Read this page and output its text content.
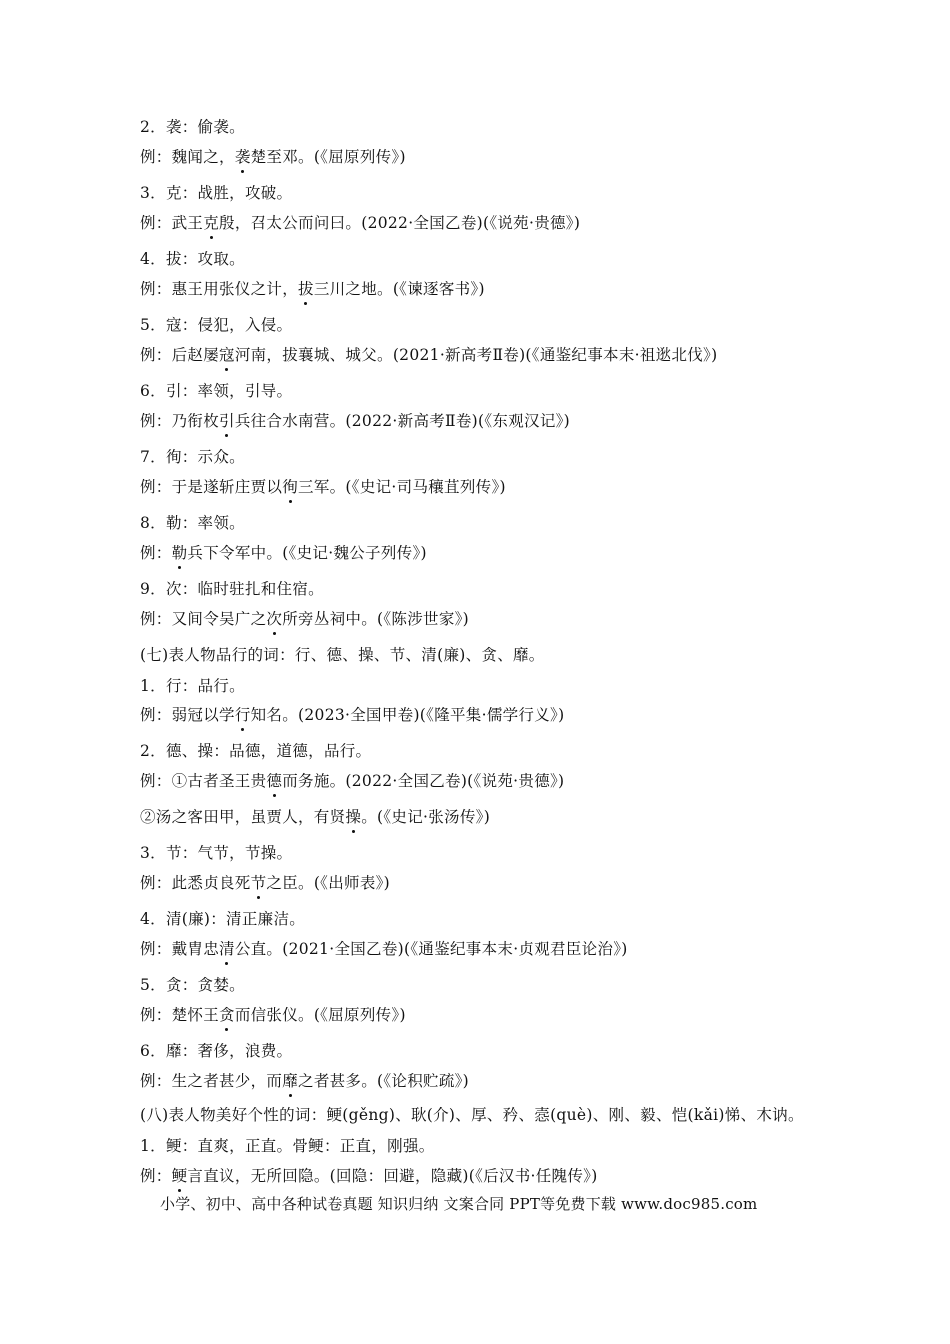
2．袭：偷袭。
例：魏闻之，袭楚至邓。(《屈原列传》)
3．克：战胜，攻破。
例：武王克殷，召太公而问曰。(2022·全国乙卷)(《说苑·贵德》)
4．拔：攻取。
例：惠王用张仪之计，拔三川之地。(《谏逐客书》)
5．寇：侵犯，入侵。
例：后赵屡寇河南，拔襄城、城父。(2021·新高考Ⅱ卷)(《通鉴纪事本末·祖逖北伐》)
6．引：率领，引导。
例：乃衔枚引兵往合水南营。(2022·新高考Ⅱ卷)(《东观汉记》)
7．徇：示众。
例：于是遂斩庄贾以徇三军。(《史记·司马穰苴列传》)
8．勒：率领。
例：勒兵下令军中。(《史记·魏公子列传》)
9．次：临时驻扎和住宿。
例：又间令吴广之次所旁丛祠中。(《陈涉世家》)
(七)表人物品行的词：行、德、操、节、清(廉)、贪、靡。
1．行：品行。
例：弱冠以学行知名。(2023·全国甲卷)(《隆平集·儒学行义》)
2．德、操：品德，道德，品行。
例：①古者圣王贵德而务施。(2022·全国乙卷)(《说苑·贵德》)
②汤之客田甲，虽贾人，有贤操。(《史记·张汤传》)
3．节：气节，节操。
例：此悉贞良死节之臣。(《出师表》)
4．清(廉)：清正廉洁。
例：戴胄忠清公直。(2021·全国乙卷)(《通鉴纪事本末·贞观君臣论治》)
5．贪：贪婪。
例：楚怀王贪而信张仪。(《屈原列传》)
6．靡：奢侈，浪费。
例：生之者甚少，而靡之者甚多。(《论积贮疏》)
(八)表人物美好个性的词：鲠(gěng)、耿(介)、厚、矜、悫(què)、刚、毅、恺(kǎi)悌、木讷。
1．鲠：直爽，正直。骨鲠：正直，刚强。
例：鲠言直议，无所回隐。(回隐：回避，隐藏)(《后汉书·任隗传》)
小学、初中、高中各种试卷真题 知识归纳 文案合同 PPT等免费下载 www.doc985.com
